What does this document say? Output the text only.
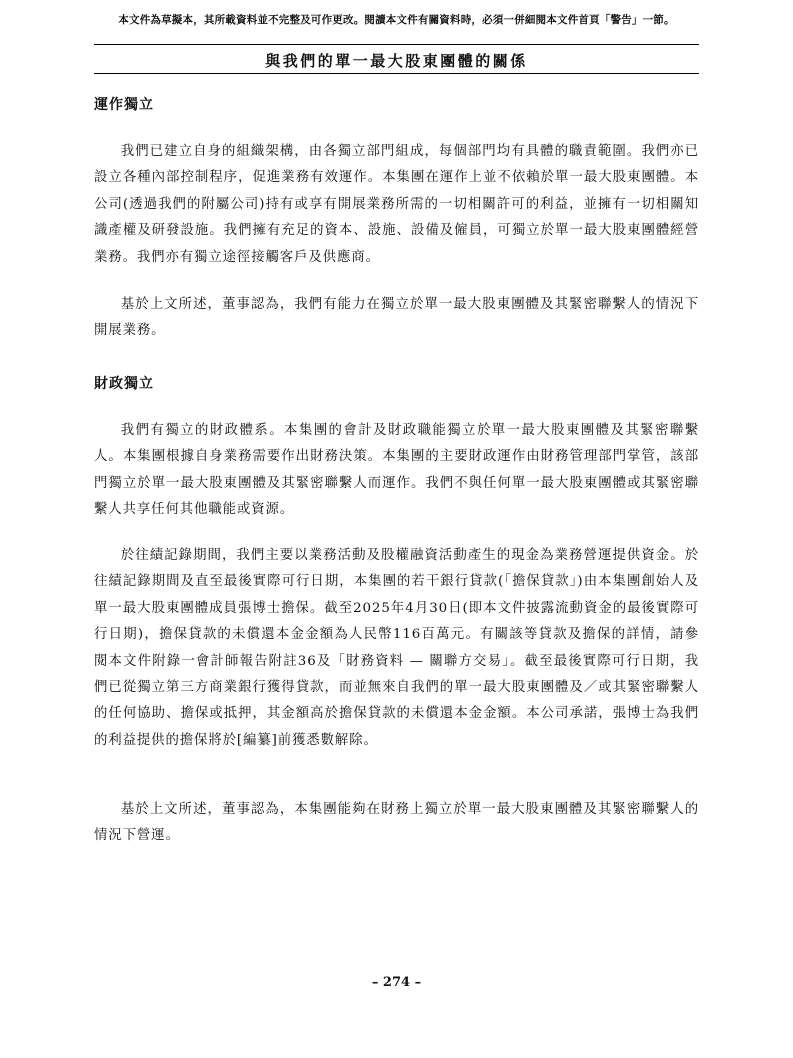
本文件為草擬本，其所載資料並不完整及可作更改。閱讀本文件有關資料時，必須一併細閱本文件首頁「警告」一節。
與我們的單一最大股東團體的關係
運作獨立
我們已建立自身的組織架構，由各獨立部門組成，每個部門均有具體的職責範圍。我們亦已設立各種內部控制程序，促進業務有效運作。本集團在運作上並不依賴於單一最大股東團體。本公司(透過我們的附屬公司)持有或享有開展業務所需的一切相關許可的利益，並擁有一切相關知識產權及研發設施。我們擁有充足的資本、設施、設備及僱員，可獨立於單一最大股東團體經營業務。我們亦有獨立途徑接觸客戶及供應商。
基於上文所述，董事認為，我們有能力在獨立於單一最大股東團體及其緊密聯繫人的情況下開展業務。
財政獨立
我們有獨立的財政體系。本集團的會計及財政職能獨立於單一最大股東團體及其緊密聯繫人。本集團根據自身業務需要作出財務決策。本集團的主要財政運作由財務管理部門掌管，該部門獨立於單一最大股東團體及其緊密聯繫人而運作。我們不與任何單一最大股東團體或其緊密聯繫人共享任何其他職能或資源。
於往績記錄期間，我們主要以業務活動及股權融資活動產生的現金為業務營運提供資金。於往績記錄期間及直至最後實際可行日期，本集團的若干銀行貸款(「擔保貸款」)由本集團創始人及單一最大股東團體成員張博士擔保。截至2025年4月30日(即本文件披露流動資金的最後實際可行日期)，擔保貸款的未償還本金金額為人民幣116百萬元。有關該等貸款及擔保的詳情，請參閱本文件附錄一會計師報告附註36及「財務資料 — 關聯方交易」。截至最後實際可行日期，我們已從獨立第三方商業銀行獲得貸款，而並無來自我們的單一最大股東團體及／或其緊密聯繫人的任何協助、擔保或抵押，其金額高於擔保貸款的未償還本金金額。本公司承諾，張博士為我們的利益提供的擔保將於[編纂]前獲悉數解除。
基於上文所述，董事認為，本集團能夠在財務上獨立於單一最大股東團體及其緊密聯繫人的情況下營運。
– 274 –
